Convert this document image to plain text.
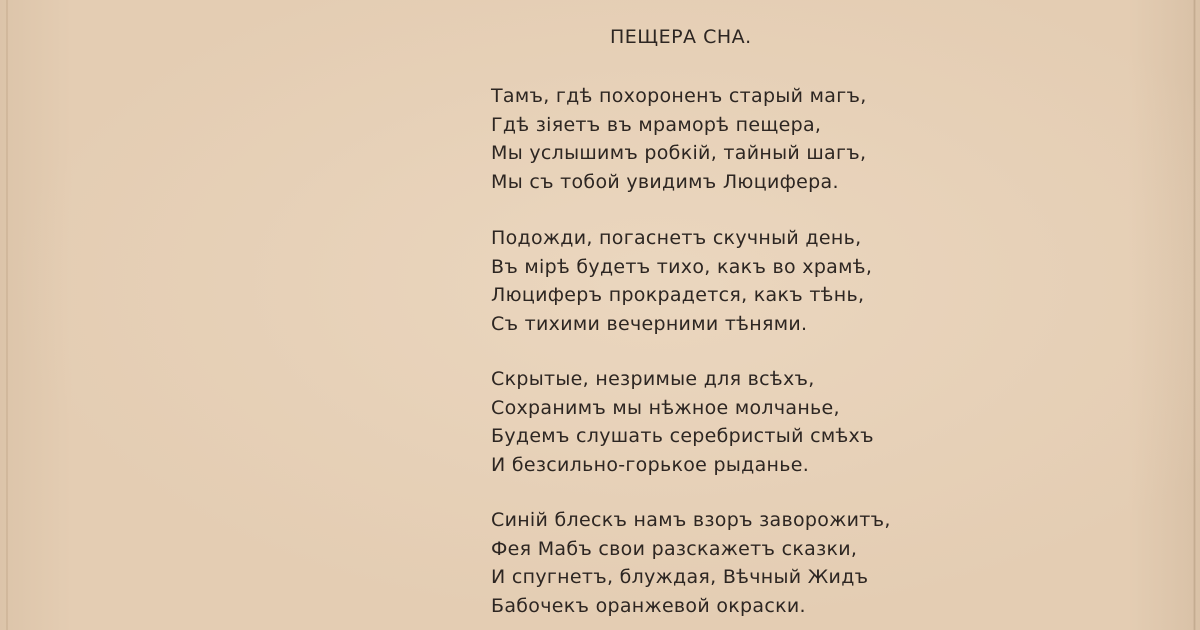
ПЕЩЕРА СНА.
Тамъ, гдѣ похороненъ старый магъ,
Гдѣ зіяетъ въ мраморѣ пещера,
Мы услышимъ робкій, тайный шагъ,
Мы съ тобой увидимъ Люцифера.
Подожди, погаснетъ скучный день,
Въ мірѣ будетъ тихо, какъ во храмѣ,
Люциферъ прокрадется, какъ тѣнь,
Съ тихими вечерними тѣнями.
Скрытые, незримые для всѣхъ,
Сохранимъ мы нѣжное молчанье,
Будемъ слушать серебристый смѣхъ
И безсильно-горькое рыданье.
Синій блескъ намъ взоръ заворожитъ,
Фея Мабъ свои разскажетъ сказки,
И спугнетъ, блуждая, Вѣчный Жидъ
Бабочекъ оранжевой окраски.
